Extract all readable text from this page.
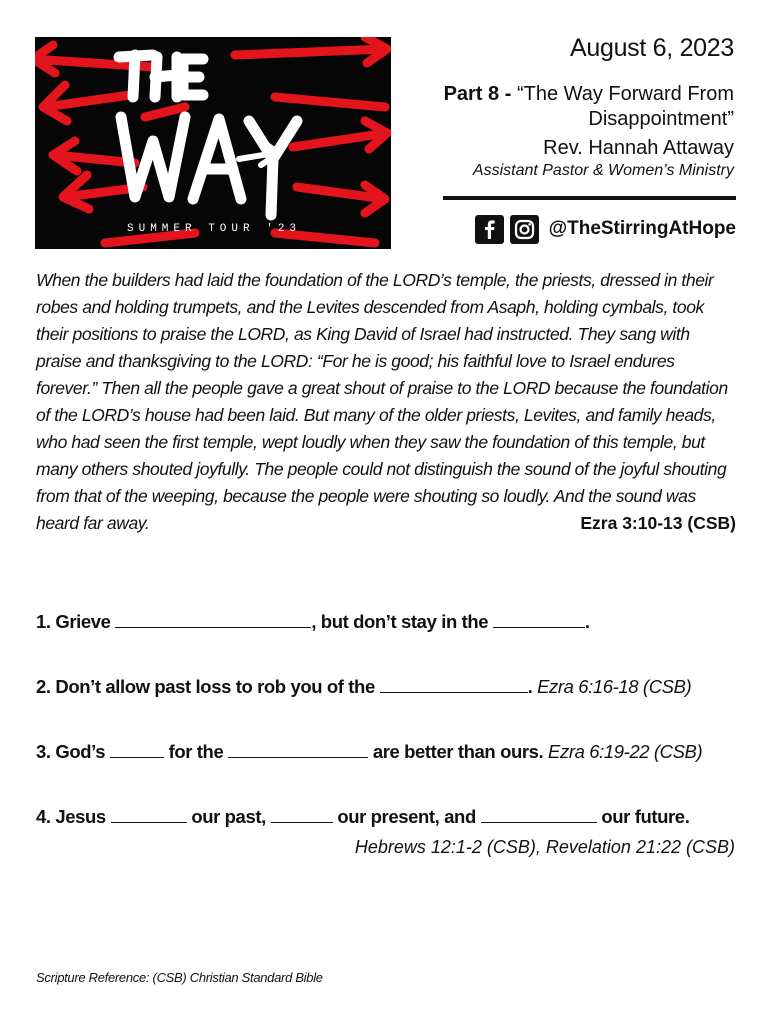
SUMMER TOUR '23
August 6, 2023
Part 8 - “The Way Forward From Disappointment”
Rev. Hannah Attaway
Assistant Pastor & Women’s Ministry
@TheStirringAtHope
When the builders had laid the foundation of the LORD’s temple, the priests, dressed in their robes and holding trumpets, and the Levites descended from Asaph, holding cymbals, took their positions to praise the LORD, as King David of Israel had instructed. They sang with praise and thanksgiving to the LORD: “For he is good; his faithful love to Israel endures forever.” Then all the people gave a great shout of praise to the LORD because the foundation of the LORD’s house had been laid. But many of the older priests, Levites, and family heads, who had seen the first temple, wept loudly when they saw the foundation of this temple, but many others shouted joyfully. The people could not distinguish the sound of the joyful shouting from that of the weeping, because the people were shouting so loudly. And the sound was heard far away.	Ezra 3:10-13 (CSB)
1. Grieve	, but don’t stay in the	.
2. Don’t allow past loss to rob you of the	. Ezra 6:16-18 (CSB)
3. God’s	for the	are better than ours. Ezra 6:19-22 (CSB)
4. Jesus	our past,	our present, and	our future.
Hebrews 12:1-2 (CSB), Revelation 21:22 (CSB)
Scripture Reference: (CSB) Christian Standard Bible
